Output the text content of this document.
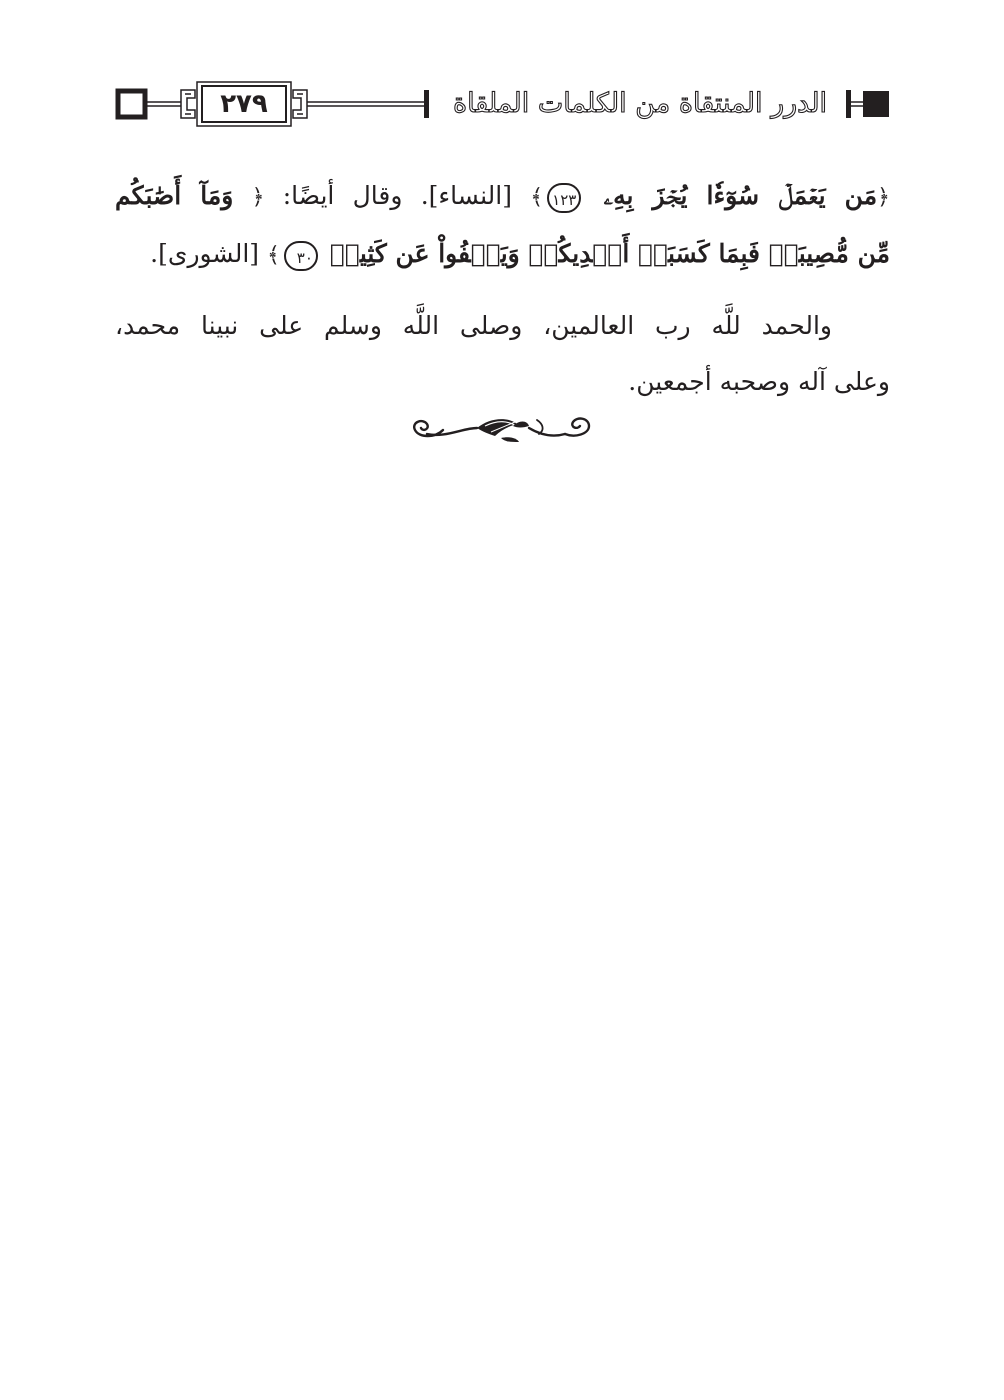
٢٧٩	الدرر المنتقاة من الكلمات الملقاة

﴿مَن يَعۡمَلۡ سُوٓءٗا يُجۡزَ بِهِۦ ١٢٣﴾ [النساء]. وقال أيضًا: ﴿ وَمَآ أَصَٰبَكُم
مِّن مُّصِيبَةٖ فَبِمَا كَسَبَتۡ أَيۡدِيكُمۡ وَيَعۡفُواْ عَن كَثِيرٖ ٣٠﴾ [الشورى].

والحمد للَّه رب العالمين، وصلى اللَّه وسلم على نبينا محمد،
وعلى آله وصحبه أجمعين.
